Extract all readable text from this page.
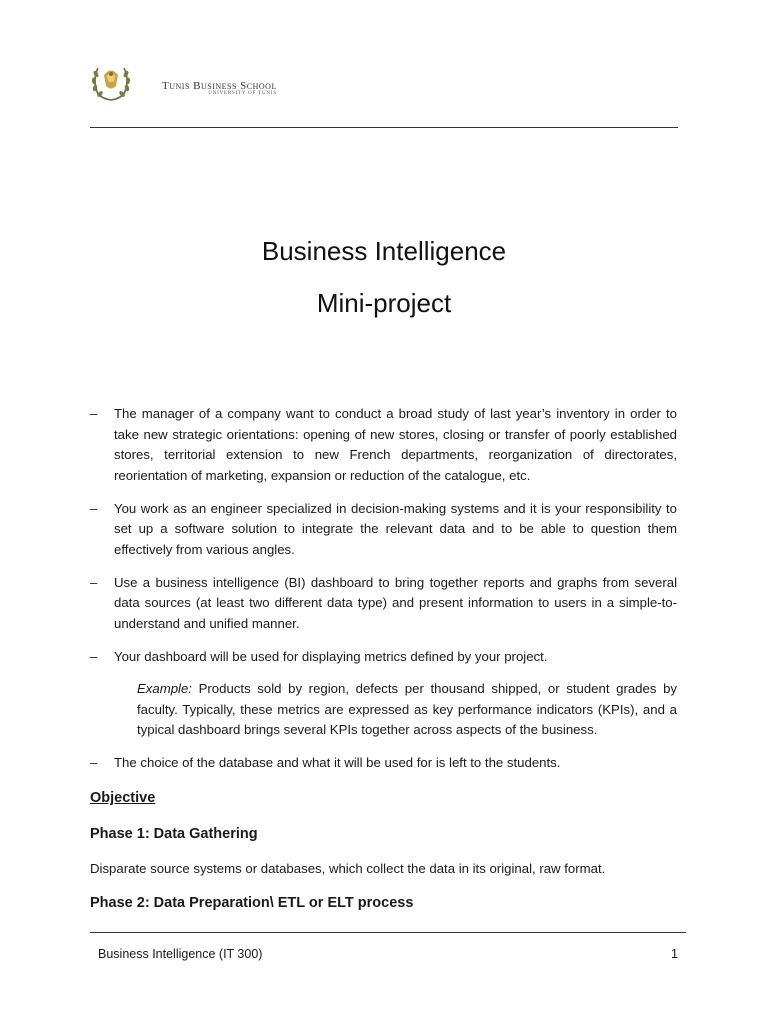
Tunis Business School
UNIVERSITY OF TUNIS
Business Intelligence
Mini-project
– The manager of a company want to conduct a broad study of last year’s inventory in order to take new strategic orientations: opening of new stores, closing or transfer of poorly established stores, territorial extension to new French departments, reorganization of directorates, reorientation of marketing, expansion or reduction of the catalogue, etc.
– You work as an engineer specialized in decision-making systems and it is your responsibility to set up a software solution to integrate the relevant data and to be able to question them effectively from various angles.
– Use a business intelligence (BI) dashboard to bring together reports and graphs from several data sources (at least two different data type) and present information to users in a simple-to-understand and unified manner.
– Your dashboard will be used for displaying metrics defined by your project.
Example: Products sold by region, defects per thousand shipped, or student grades by faculty. Typically, these metrics are expressed as key performance indicators (KPIs), and a typical dashboard brings several KPIs together across aspects of the business.
– The choice of the database and what it will be used for is left to the students.
Objective
Phase 1: Data Gathering
Disparate source systems or databases, which collect the data in its original, raw format.
Phase 2: Data Preparation\ ETL or ELT process
Business Intelligence (IT 300)	1
